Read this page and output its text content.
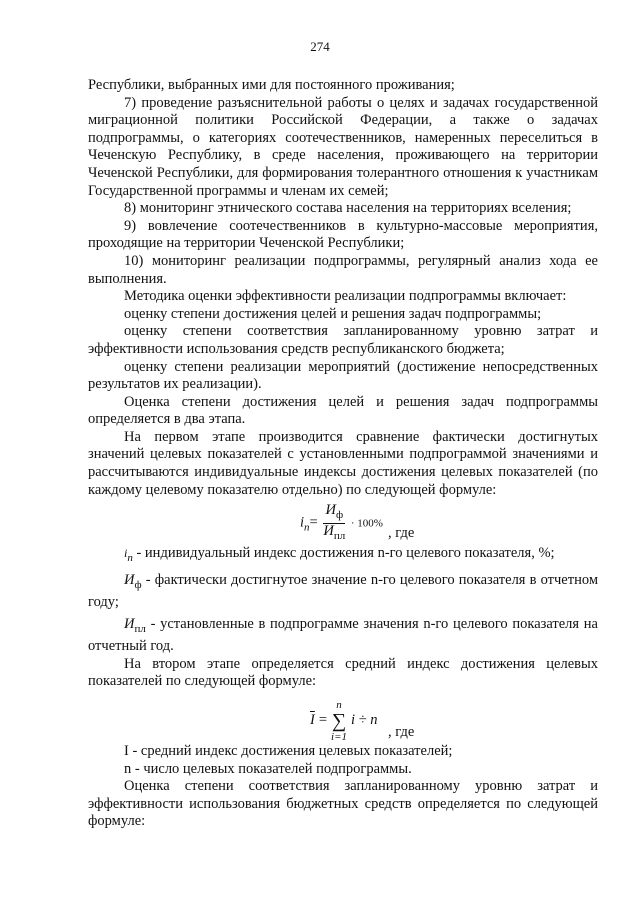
274

Республики, выбранных ими для постоянного проживания;

7) проведение разъяснительной работы о целях и задачах государственной миграционной политики Российской Федерации, а также о задачах подпрограммы, о категориях соотечественников, намеренных переселиться в Чеченскую Республику, в среде населения, проживающего на территории Чеченской Республики, для формирования толерантного отношения к участникам Государственной программы и членам их семей;

8) мониторинг этнического состава населения на территориях вселения;

9) вовлечение соотечественников в культурно-массовые мероприятия, проходящие на территории Чеченской Республики;

10) мониторинг реализации подпрограммы, регулярный анализ хода ее выполнения.

Методика оценки эффективности реализации подпрограммы включает:

оценку степени достижения целей и решения задач подпрограммы;

оценку степени соответствия запланированному уровню затрат и эффективности использования средств республиканского бюджета;

оценку степени реализации мероприятий (достижение непосредственных результатов их реализации).

Оценка степени достижения целей и решения задач подпрограммы определяется в два этапа.

На первом этапе производится сравнение фактически достигнутых значений целевых показателей с установленными подпрограммой значениями и рассчитываются индивидуальные индексы достижения целевых показателей (по каждому целевому показателю отдельно) по следующей формуле:

$i_n= \frac{И_ф}{И_{пл}} \cdot 100\%$
, где

$i_n$ - индивидуальный индекс достижения n-го целевого показателя, %;

$И_ф$ - фактически достигнутое значение n-го целевого показателя в отчетном году;

$И_{пл}$ - установленные в подпрограмме значения n-го целевого показателя на отчетный год.

На втором этапе определяется средний индекс достижения целевых показателей по следующей формуле:

$\overline{I}$ =
n
∑
i=1
i ÷ n
, где

I - средний индекс достижения целевых показателей;

n - число целевых показателей подпрограммы.

Оценка степени соответствия запланированному уровню затрат и эффективности использования бюджетных средств определяется по следующей формуле:
